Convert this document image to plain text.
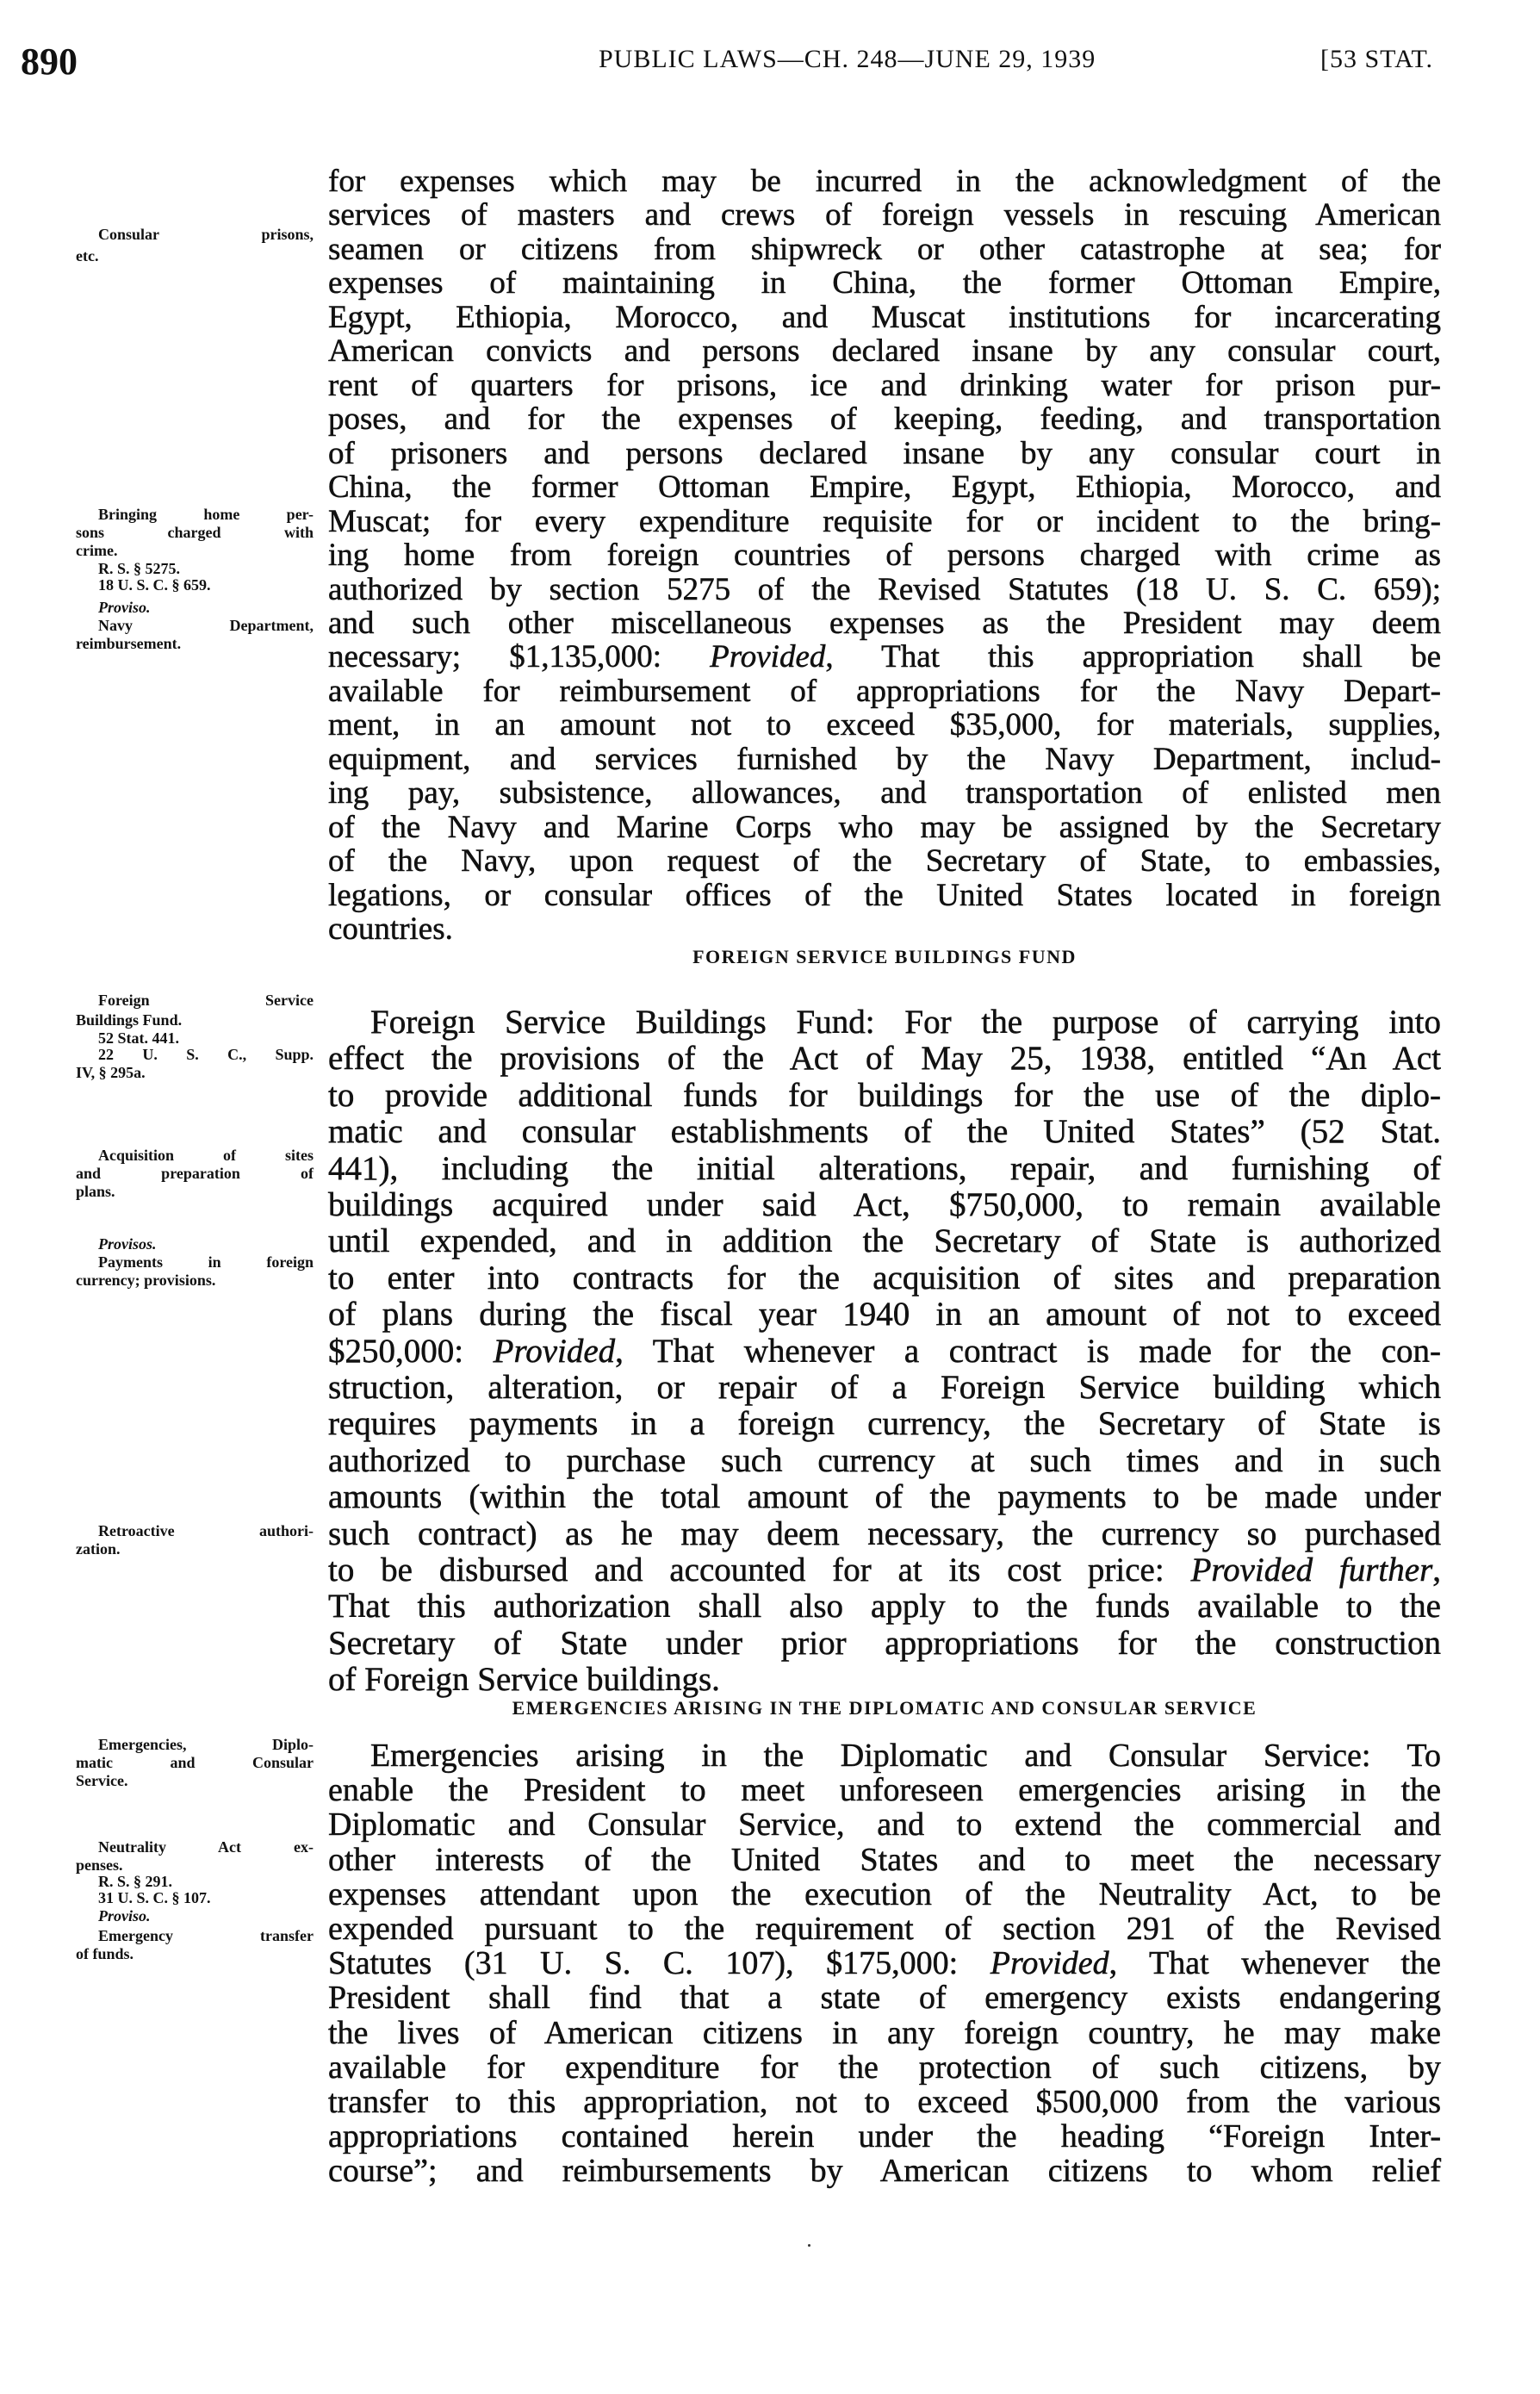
890	PUBLIC LAWS—CH. 248—JUNE 29, 1939	[53 STAT.
FOREIGN SERVICE BUILDINGS FUND
EMERGENCIES ARISING IN THE DIPLOMATIC AND CONSULAR SERVICE
for expenses which may be incurred in the acknowledgment of the
services of masters and crews of foreign vessels in rescuing American
seamen or citizens from shipwreck or other catastrophe at sea; for
expenses of maintaining in China, the former Ottoman Empire,
Egypt, Ethiopia, Morocco, and Muscat institutions for incarcerating
American convicts and persons declared insane by any consular court,
rent of quarters for prisons, ice and drinking water for prison pur-
poses, and for the expenses of keeping, feeding, and transportation
of prisoners and persons declared insane by any consular court in
China, the former Ottoman Empire, Egypt, Ethiopia, Morocco, and
Muscat; for every expenditure requisite for or incident to the bring-
ing home from foreign countries of persons charged with crime as
authorized by section 5275 of the Revised Statutes (18 U. S. C. 659);
and such other miscellaneous expenses as the President may deem
necessary; $1,135,000: Provided, That this appropriation shall be
available for reimbursement of appropriations for the Navy Depart-
ment, in an amount not to exceed $35,000, for materials, supplies,
equipment, and services furnished by the Navy Department, includ-
ing pay, subsistence, allowances, and transportation of enlisted men
of the Navy and Marine Corps who may be assigned by the Secretary
of the Navy, upon request of the Secretary of State, to embassies,
legations, or consular offices of the United States located in foreign
countries.
Foreign Service Buildings Fund: For the purpose of carrying into
effect the provisions of the Act of May 25, 1938, entitled “An Act
to provide additional funds for buildings for the use of the diplo-
matic and consular establishments of the United States” (52 Stat.
441), including the initial alterations, repair, and furnishing of
buildings acquired under said Act, $750,000, to remain available
until expended, and in addition the Secretary of State is authorized
to enter into contracts for the acquisition of sites and preparation
of plans during the fiscal year 1940 in an amount of not to exceed
$250,000: Provided, That whenever a contract is made for the con-
struction, alteration, or repair of a Foreign Service building which
requires payments in a foreign currency, the Secretary of State is
authorized to purchase such currency at such times and in such
amounts (within the total amount of the payments to be made under
such contract) as he may deem necessary, the currency so purchased
to be disbursed and accounted for at its cost price: Provided further,
That this authorization shall also apply to the funds available to the
Secretary of State under prior appropriations for the construction
of Foreign Service buildings.
Emergencies arising in the Diplomatic and Consular Service: To
enable the President to meet unforeseen emergencies arising in the
Diplomatic and Consular Service, and to extend the commercial and
other interests of the United States and to meet the necessary
expenses attendant upon the execution of the Neutrality Act, to be
expended pursuant to the requirement of section 291 of the Revised
Statutes (31 U. S. C. 107), $175,000: Provided, That whenever the
President shall find that a state of emergency exists endangering
the lives of American citizens in any foreign country, he may make
available for expenditure for the protection of such citizens, by
transfer to this appropriation, not to exceed $500,000 from the various
appropriations contained herein under the heading “Foreign Inter-
course”; and reimbursements by American citizens to whom relief
Consular prisons,
etc.
Bringing home per-
sons charged with
crime.
R. S. § 5275.
18 U. S. C. § 659.
Proviso.
Navy Department,
reimbursement.
Foreign Service
Buildings Fund.
52 Stat. 441.
22 U. S. C., Supp.
IV, § 295a.
Acquisition of sites
and preparation of
plans.
Provisos.
Payments in foreign
currency; provisions.
Retroactive authori-
zation.
Emergencies, Diplo-
matic and Consular
Service.
Neutrality Act ex-
penses.
R. S. § 291.
31 U. S. C. § 107.
Proviso.
Emergency transfer
of funds.
